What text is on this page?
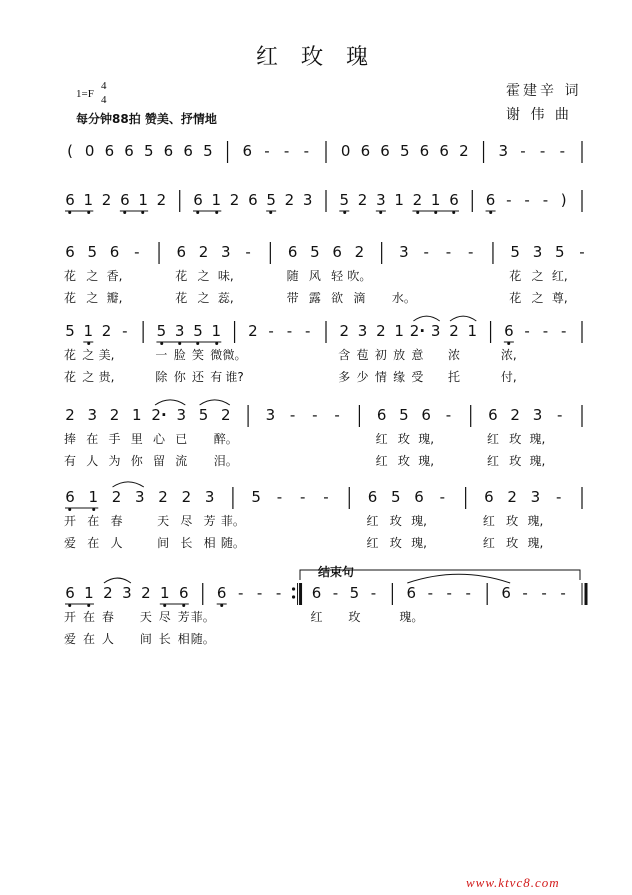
红 玫 瑰
霍建辛 词
谢 伟 曲
1=F
4
4
每分钟88拍 赞美、抒情地
结束句
( 0 6 6 5 6 6 5 6 - - - 0 6 6 5 6 6 2 3 - - -
6 1 2 6 1 2 6 1 2 6 5 2 3 5 2 3 1 2 1 6 6 - - - )
6 5 6 - 6 2 3 - 6 5 6 2 3 - - - 5 3 5 -
花 之 香,	花 之 味,	随 风 轻 吹。	花 之 红,
花 之 瓣,	花 之 蕊,	带 露 欲 滴 水。	花 之 尊,
5 1 2 - 5 3 5 1 2 - - - 2 3 2 1 2 · 3 2 1 6 - - -
花 之 美,	一 脸 笑 微 微。	含 苞 初 放 意 浓	浓,
花 之 贵,	除 你 还 有 谁?	多 少 情 缘 受 托	付,
2 3 2 1 2 ·	3 5 2 3 - - - 6 5 6 - 6 2 3 -
捧 在 手 里 心 已 醉。	红 玫 瑰,	红 玫 瑰,
有 人 为 你 留 流 泪。	红 玫 瑰,	红 玫 瑰,
6 1 2 3 2 2 3 5 - - -	6 5 6 -	6 2 3 -
开 在 春	天 尽 芳 菲。	红 玫 瑰,	红 玫 瑰,
爱 在 人	间 长 相 随。	红 玫 瑰,	红 玫 瑰,
6 1 2 3 2 1 6 6 - - - 6 - 5 - 6 - - - 6 - - -
开 在 春 天 尽 芳 菲。	红 玫	瑰。
爱 在 人 间 长 相 随。
www.ktvc8.com
